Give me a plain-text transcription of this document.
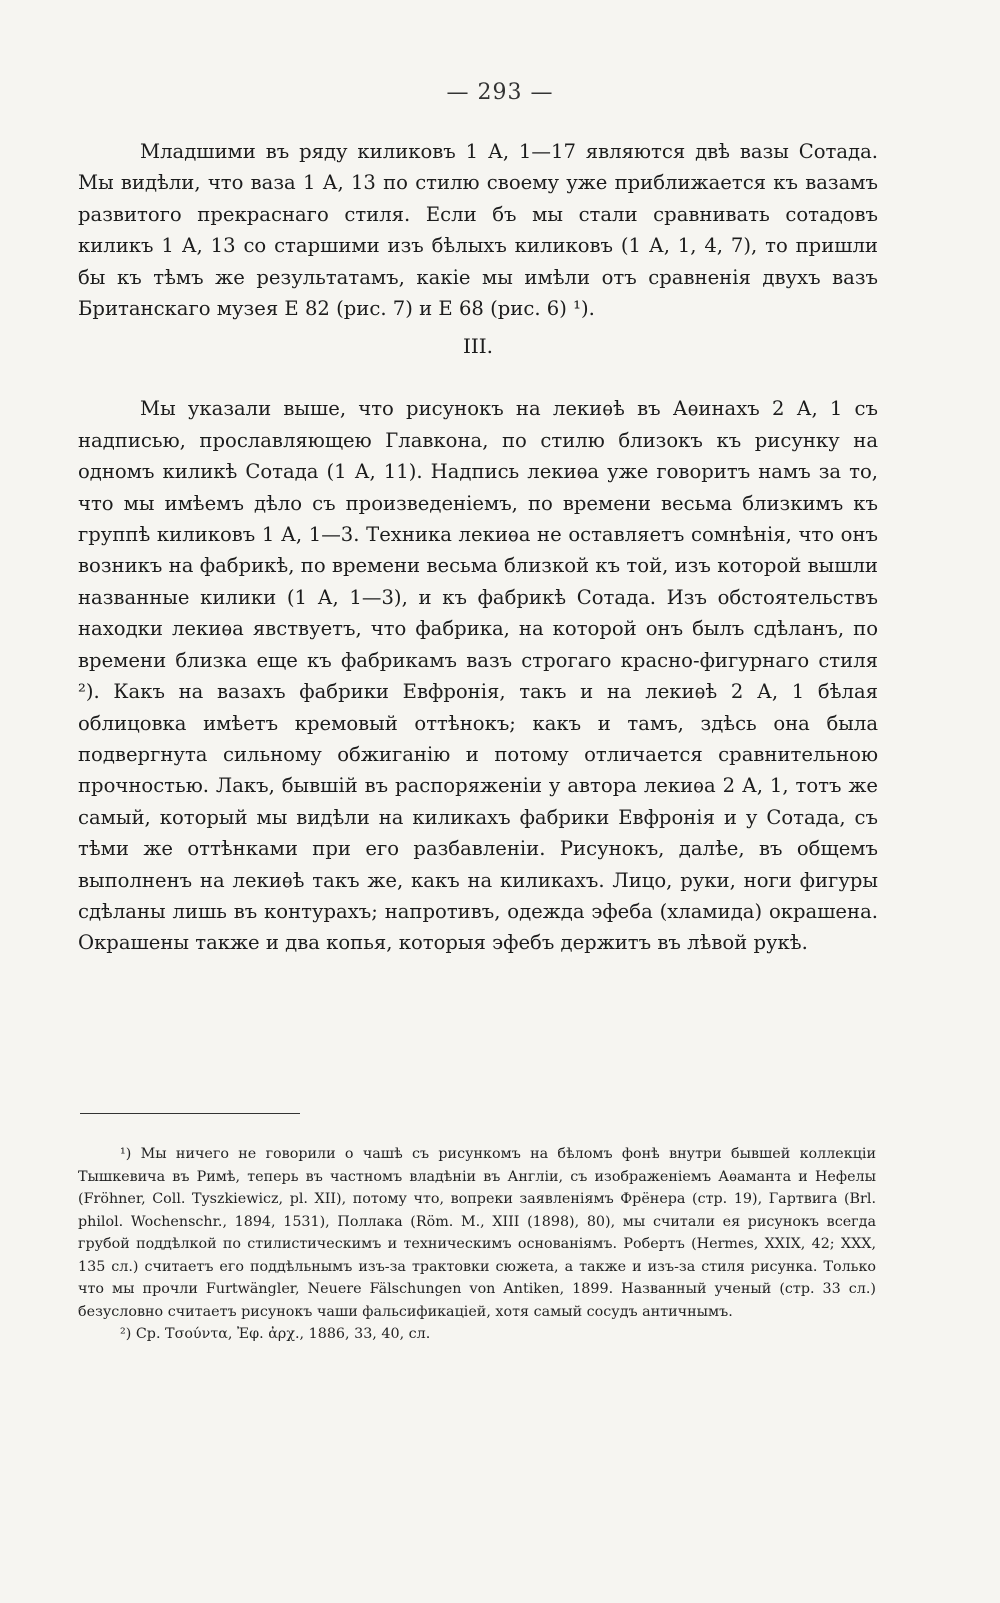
— 293 —

Младшими въ ряду киликовъ 1 А, 1—17 являются двѣ вазы Сотада. Мы видѣли, что ваза 1 А, 13 по стилю своему уже приближается къ вазамъ развитого прекраснаго стиля. Если бъ мы стали сравнивать сотадовъ киликъ 1 А, 13 со старшими изъ бѣлыхъ киликовъ (1 А, 1, 4, 7), то пришли бы къ тѣмъ же результатамъ, какіе мы имѣли отъ сравненія двухъ вазъ Британскаго музея Е 82 (рис. 7) и Е 68 (рис. 6) ¹).

III.

Мы указали выше, что рисунокъ на лекиѳѣ въ Аѳинахъ 2 А, 1 съ надписью, прославляющею Главкона, по стилю близокъ къ рисунку на одномъ киликѣ Сотада (1 А, 11). Надпись лекиѳа уже говоритъ намъ за то, что мы имѣемъ дѣло съ произведеніемъ, по времени весьма близкимъ къ группѣ киликовъ 1 А, 1—3. Техника лекиѳа не оставляетъ сомнѣнія, что онъ возникъ на фабрикѣ, по времени весьма близкой къ той, изъ которой вышли названные килики (1 А, 1—3), и къ фабрикѣ Сотада. Изъ обстоятельствъ находки лекиѳа явствуетъ, что фабрика, на которой онъ былъ сдѣланъ, по времени близка еще къ фабрикамъ вазъ строгаго красно-фигурнаго стиля ²). Какъ на вазахъ фабрики Евфронія, такъ и на лекиѳѣ 2 А, 1 бѣлая облицовка имѣетъ кремовый оттѣнокъ; какъ и тамъ, здѣсь она была подвергнута сильному обжиганію и потому отличается сравнительною прочностью. Лакъ, бывшій въ распоряженіи у автора лекиѳа 2 А, 1, тотъ же самый, который мы видѣли на киликахъ фабрики Евфронія и у Сотада, съ тѣми же оттѣнками при его разбавленіи. Рисунокъ, далѣе, въ общемъ выполненъ на лекиѳѣ такъ же, какъ на киликахъ. Лицо, руки, ноги фигуры сдѣланы лишь въ контурахъ; напротивъ, одежда эфеба (хламида) окрашена. Окрашены также и два копья, которыя эфебъ держитъ въ лѣвой рукѣ.

¹) Мы ничего не говорили о чашѣ съ рисункомъ на бѣломъ фонѣ внутри бывшей коллекціи Тышкевича въ Римѣ, теперь въ частномъ владѣніи въ Англіи, съ изображеніемъ Аѳаманта и Нефелы (Fröhner, Coll. Tyszkiewicz, pl. XII), потому что, вопреки заявленіямъ Фрёнера (стр. 19), Гартвига (Brl. philol. Wochenschr., 1894, 1531), Поллака (Röm. M., XIII (1898), 80), мы считали ея рисунокъ всегда грубой поддѣлкой по стилистическимъ и техническимъ основаніямъ. Робертъ (Hermes, XXIX, 42; XXX, 135 сл.) считаетъ его поддѣльнымъ изъ-за трактовки сюжета, а также и изъ-за стиля рисунка. Только что мы прочли Furtwängler, Neuere Fälschungen von Antiken, 1899. Названный ученый (стр. 33 сл.) безусловно считаетъ рисунокъ чаши фальсификаціей, хотя самый сосудъ античнымъ.

²) Ср. Τσούντα, Ἐφ. ἀρχ., 1886, 33, 40, сл.
